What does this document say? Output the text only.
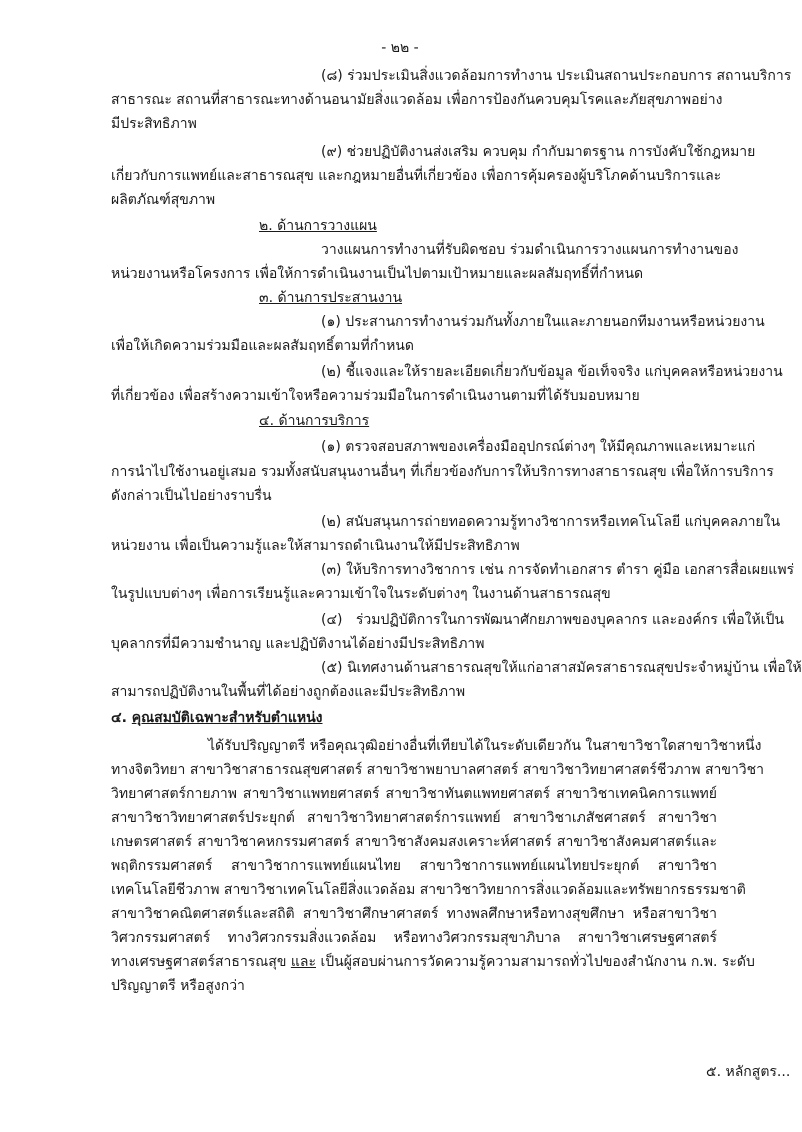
- ๒๒ -
(๘) ร่วมประเมินสิ่งแวดล้อมการทำงาน ประเมินสถานประกอบการ สถานบริการ
สาธารณะ สถานที่สาธารณะทางด้านอนามัยสิ่งแวดล้อม เพื่อการป้องกันควบคุมโรคและภัยสุขภาพอย่าง
มีประสิทธิภาพ
(๙) ช่วยปฏิบัติงานส่งเสริม ควบคุม กำกับมาตรฐาน การบังคับใช้กฎหมาย
เกี่ยวกับการแพทย์และสาธารณสุข และกฎหมายอื่นที่เกี่ยวข้อง เพื่อการคุ้มครองผู้บริโภคด้านบริการและ
ผลิตภัณฑ์สุขภาพ
๒. ด้านการวางแผน
วางแผนการทำงานที่รับผิดชอบ ร่วมดำเนินการวางแผนการทำงานของ
หน่วยงานหรือโครงการ เพื่อให้การดำเนินงานเป็นไปตามเป้าหมายและผลสัมฤทธิ์ที่กำหนด
๓. ด้านการประสานงาน
(๑) ประสานการทำงานร่วมกันทั้งภายในและภายนอกทีมงานหรือหน่วยงาน
เพื่อให้เกิดความร่วมมือและผลสัมฤทธิ์ตามที่กำหนด
(๒) ชี้แจงและให้รายละเอียดเกี่ยวกับข้อมูล ข้อเท็จจริง แก่บุคคลหรือหน่วยงาน
ที่เกี่ยวข้อง เพื่อสร้างความเข้าใจหรือความร่วมมือในการดำเนินงานตามที่ได้รับมอบหมาย
๔. ด้านการบริการ
(๑) ตรวจสอบสภาพของเครื่องมืออุปกรณ์ต่างๆ ให้มีคุณภาพและเหมาะแก่
การนำไปใช้งานอยู่เสมอ รวมทั้งสนับสนุนงานอื่นๆ ที่เกี่ยวข้องกับการให้บริการทางสาธารณสุข เพื่อให้การบริการ
ดังกล่าวเป็นไปอย่างราบรื่น
(๒) สนับสนุนการถ่ายทอดความรู้ทางวิชาการหรือเทคโนโลยี แก่บุคคลภายใน
หน่วยงาน เพื่อเป็นความรู้และให้สามารถดำเนินงานให้มีประสิทธิภาพ
(๓) ให้บริการทางวิชาการ เช่น การจัดทำเอกสาร ตำรา คู่มือ เอกสารสื่อเผยแพร่
ในรูปแบบต่างๆ เพื่อการเรียนรู้และความเข้าใจในระดับต่างๆ ในงานด้านสาธารณสุข
(๔)   ร่วมปฏิบัติการในการพัฒนาศักยภาพของบุคลากร และองค์กร เพื่อให้เป็น
บุคลากรที่มีความชำนาญ และปฏิบัติงานได้อย่างมีประสิทธิภาพ
(๕) นิเทศงานด้านสาธารณสุขให้แก่อาสาสมัครสาธารณสุขประจำหมู่บ้าน เพื่อให้
สามารถปฏิบัติงานในพื้นที่ได้อย่างถูกต้องและมีประสิทธิภาพ
๔. คุณสมบัติเฉพาะสำหรับตำแหน่ง
ได้รับปริญญาตรี หรือคุณวุฒิอย่างอื่นที่เทียบได้ในระดับเดียวกัน ในสาขาวิชาใดสาขาวิชาหนึ่ง
ทางจิตวิทยา สาขาวิชาสาธารณสุขศาสตร์ สาขาวิชาพยาบาลศาสตร์ สาขาวิชาวิทยาศาสตร์ชีวภาพ สาขาวิชา
วิทยาศาสตร์กายภาพ สาขาวิชาแพทยศาสตร์ สาขาวิชาทันตแพทยศาสตร์ สาขาวิชาเทคนิคการแพทย์
สาขาวิชาวิทยาศาสตร์ประยุกต์ สาขาวิชาวิทยาศาสตร์การแพทย์ สาขาวิชาเภสัชศาสตร์ สาขาวิชา
เกษตรศาสตร์ สาขาวิชาคหกรรมศาสตร์ สาขาวิชาสังคมสงเคราะห์ศาสตร์ สาขาวิชาสังคมศาสตร์และ
พฤติกรรมศาสตร์ สาขาวิชาการแพทย์แผนไทย สาขาวิชาการแพทย์แผนไทยประยุกต์ สาขาวิชา
เทคโนโลยีชีวภาพ สาขาวิชาเทคโนโลยีสิ่งแวดล้อม สาขาวิชาวิทยาการสิ่งแวดล้อมและทรัพยากรธรรมชาติ
สาขาวิชาคณิตศาสตร์และสถิติ สาขาวิชาศึกษาศาสตร์ ทางพลศึกษาหรือทางสุขศึกษา หรือสาขาวิชา
วิศวกรรมศาสตร์ ทางวิศวกรรมสิ่งแวดล้อม หรือทางวิศวกรรมสุขาภิบาล สาขาวิชาเศรษฐศาสตร์
ทางเศรษฐศาสตร์สาธารณสุข และ เป็นผู้สอบผ่านการวัดความรู้ความสามารถทั่วไปของสำนักงาน ก.พ. ระดับ
ปริญญาตรี หรือสูงกว่า
๕. หลักสูตร...
